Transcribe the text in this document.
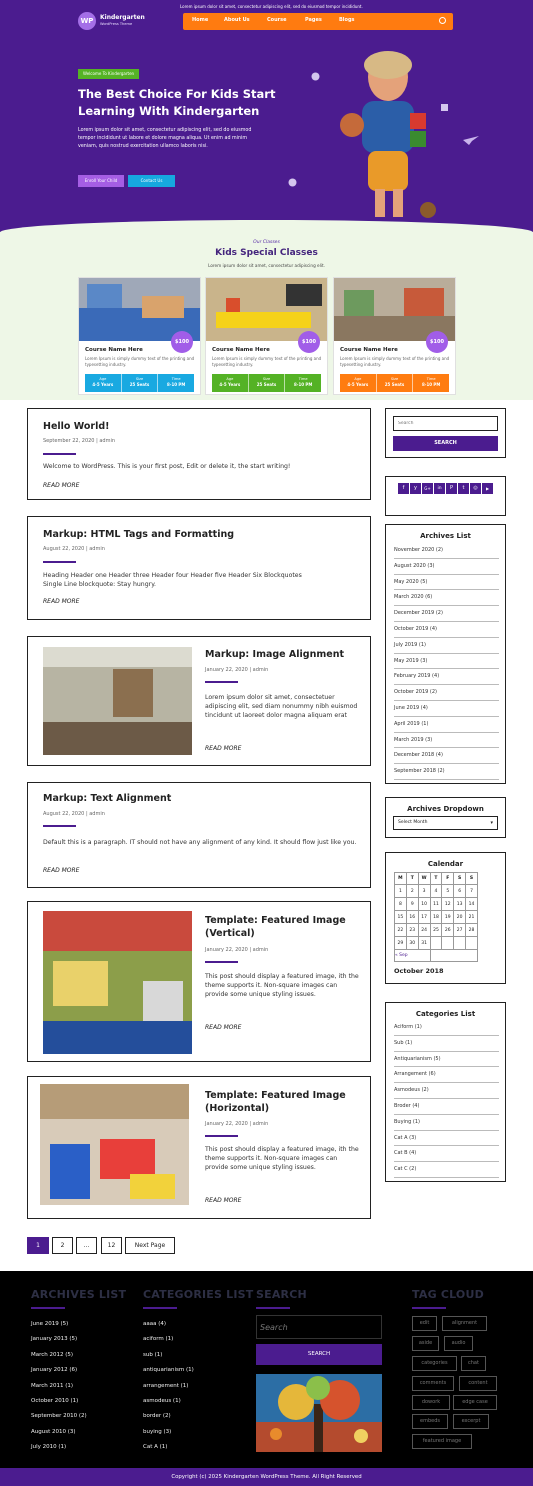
Lorem ipsum dolor sit amet, consectetur adipiscing elit, sed do eiusmod tempor incididunt.
WP	Kindergarten
WordPress Theme
Home	About Us	Course	Pages	Blogs
Welcome To Kindergarten
The Best Choice For Kids Start Learning With Kindergarten
Lorem ipsum dolor sit amet, consectetur adipiscing elit, sed do eiusmod tempor incididunt ut labore et dolore magna aliqua. Ut enim ad minim veniam, quis nostrud exercitation ullamco laboris nisi.
Enroll Your Child	Contact Us
Our Classes
Kids Special Classes
Lorem ipsum dolor sit amet, consectetur adipiscing elit.
$100
Course Name Here
Lorem Ipsum is simply dummy text of the printing and typesetting industry.
Age
4-5 Years
Size
25 Seats
Time
8-10 PM
$100
Course Name Here
Lorem Ipsum is simply dummy text of the printing and typesetting industry.
Age
4-5 Years
Size
25 Seats
Time
8-10 PM
$100
Course Name Here
Lorem Ipsum is simply dummy text of the printing and typesetting industry.
Age
4-5 Years
Size
25 Seats
Time
8-10 PM
Hello World!
September 22, 2020 | admin
Welcome to WordPress. This is your first post, Edit or delete it, the start writing!
READ MORE
Markup: HTML Tags and Formatting
August 22, 2020 | admin
Heading Header one Header three Header four Header five Header Six Blockquotes Single Line blockquote: Stay hungry.
READ MORE
Markup: Image Alignment
January 22, 2020 | admin
Lorem ipsum dolor sit amet, consectetuer adipiscing elit, sed diam nonummy nibh euismod tincidunt ut laoreet dolor magna aliquam erat
READ MORE
Markup: Text Alignment
August 22, 2020 | admin
Default this is a paragraph. IT should not have any alignment of any kind. It should flow just like you.
READ MORE
Template: Featured Image (Vertical)
January 22, 2020 | admin
This post should display a featured image, ith the theme supports it. Non-square images can provide some unique styling issues.
READ MORE
Template: Featured Image (Horizontal)
January 22, 2020 | admin
This post should display a featured image, ith the theme supports it. Non-square images can provide some unique styling issues.
READ MORE
1	2	...	12	Next Page
Search
SEARCH
f	y	G+	in	P	t	◎	▶
Archives List
November 2020 (2)
August 2020 (3)
May 2020 (5)
March 2020 (6)
December 2019 (2)
October 2019 (4)
July 2019 (1)
May 2019 (3)
February 2019 (4)
October 2019 (2)
June 2019 (4)
April 2019 (1)
March 2019 (3)
December 2018 (4)
September 2018 (2)
Archives Dropdown
Select Month	▾
Calendar
M	T	W	T	F	S	S
1	2	3	4	5	6	7
8	9	10	11	12	13	14
15	16	17	18	19	20	21
22	23	24	25	26	27	28
29	30	31				
« Sep						
October 2018
Categories List
Aciform (1)
Sub (1)
Antiquarianism (5)
Arrangement (6)
Asmodeus (2)
Broder (4)
Buying (1)
Cat A (3)
Cat B (4)
Cat C (2)
ARCHIVES LIST
June 2019 (5)
January 2013 (5)
March 2012 (5)
January 2012 (6)
March 2011 (1)
October 2010 (1)
September 2010 (2)
August 2010 (3)
July 2010 (1)
CATEGORIES LIST
aaaa (4)
aciform (1)
sub (1)
antiquarianism (1)
arrangement (1)
asmodeus (1)
border (2)
buying (3)
Cat A (1)
SEARCH
Search
SEARCH
TAG CLOUD
edit	alignment
aside	audio
categories	chat
comments	content
dowork	edge case
embeds	excerpt
featured image
Copyright (c) 2025 Kindergarten WordPress Theme. All Right Reserved
